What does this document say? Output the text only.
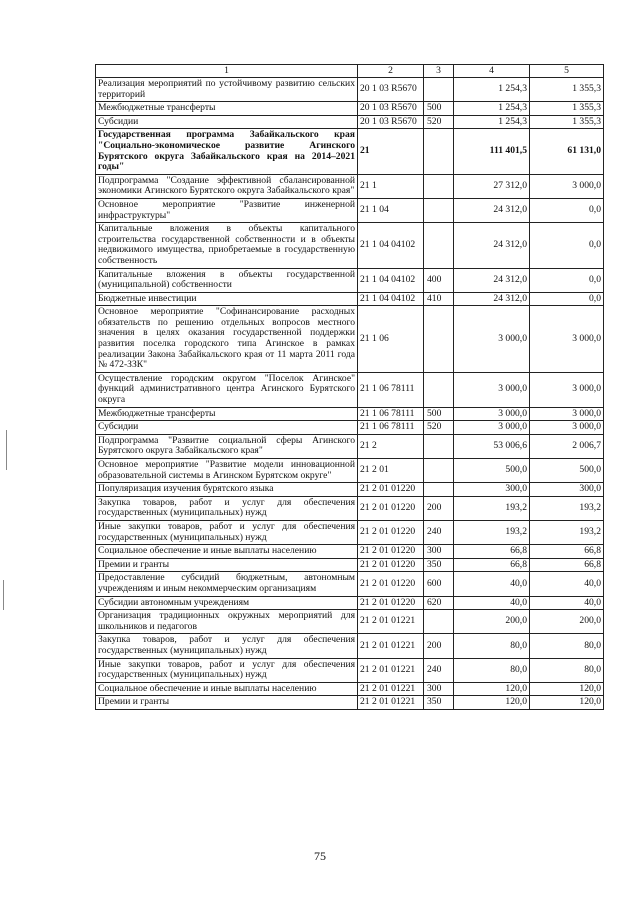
1	2	3	4	5
Реализация мероприятий по устойчивому развитию сельских территорий	20 1 03 R5670		1 254,3	1 355,3
Межбюджетные трансферты	20 1 03 R5670	500	1 254,3	1 355,3
Субсидии	20 1 03 R5670	520	1 254,3	1 355,3
Государственная программа Забайкальского края "Социально-экономическое развитие Агинского Бурятского округа Забайкальского края на 2014–2021 годы"	21		111 401,5	61 131,0
Подпрограмма "Создание эффективной сбалансированной экономики Агинского Бурятского округа Забайкальского края"	21 1		27 312,0	3 000,0
Основное мероприятие "Развитие инженерной инфраструктуры"	21 1 04		24 312,0	0,0
Капитальные вложения в объекты капитального строительства государственной собственности и в объекты недвижимого имущества, приобретаемые в государственную собственность	21 1 04 04102		24 312,0	0,0
Капитальные вложения в объекты государственной (муниципальной) собственности	21 1 04 04102	400	24 312,0	0,0
Бюджетные инвестиции	21 1 04 04102	410	24 312,0	0,0
Основное мероприятие "Софинансирование расходных обязательств по решению отдельных вопросов местного значения в целях оказания государственной поддержки развития поселка городского типа Агинское в рамках реализации Закона Забайкальского края от 11 марта 2011 года № 472-ЗЗК"	21 1 06		3 000,0	3 000,0
Осуществление городским округом "Поселок Агинское" функций административного центра Агинского Бурятского округа	21 1 06 78111		3 000,0	3 000,0
Межбюджетные трансферты	21 1 06 78111	500	3 000,0	3 000,0
Субсидии	21 1 06 78111	520	3 000,0	3 000,0
Подпрограмма "Развитие социальной сферы Агинского Бурятского округа Забайкальского края"	21 2		53 006,6	2 006,7
Основное мероприятие "Развитие модели инновационной образовательной системы в Агинском Бурятском округе"	21 2 01		500,0	500,0
Популяризация изучения бурятского языка	21 2 01 01220		300,0	300,0
Закупка товаров, работ и услуг для обеспечения государственных (муниципальных) нужд	21 2 01 01220	200	193,2	193,2
Иные закупки товаров, работ и услуг для обеспечения государственных (муниципальных) нужд	21 2 01 01220	240	193,2	193,2
Социальное обеспечение и иные выплаты населению	21 2 01 01220	300	66,8	66,8
Премии и гранты	21 2 01 01220	350	66,8	66,8
Предоставление субсидий бюджетным, автономным учреждениям и иным некоммерческим организациям	21 2 01 01220	600	40,0	40,0
Субсидии автономным учреждениям	21 2 01 01220	620	40,0	40,0
Организация традиционных окружных мероприятий для школьников и педагогов	21 2 01 01221		200,0	200,0
Закупка товаров, работ и услуг для обеспечения государственных (муниципальных) нужд	21 2 01 01221	200	80,0	80,0
Иные закупки товаров, работ и услуг для обеспечения государственных (муниципальных) нужд	21 2 01 01221	240	80,0	80,0
Социальное обеспечение и иные выплаты населению	21 2 01 01221	300	120,0	120,0
Премии и гранты	21 2 01 01221	350	120,0	120,0
75
